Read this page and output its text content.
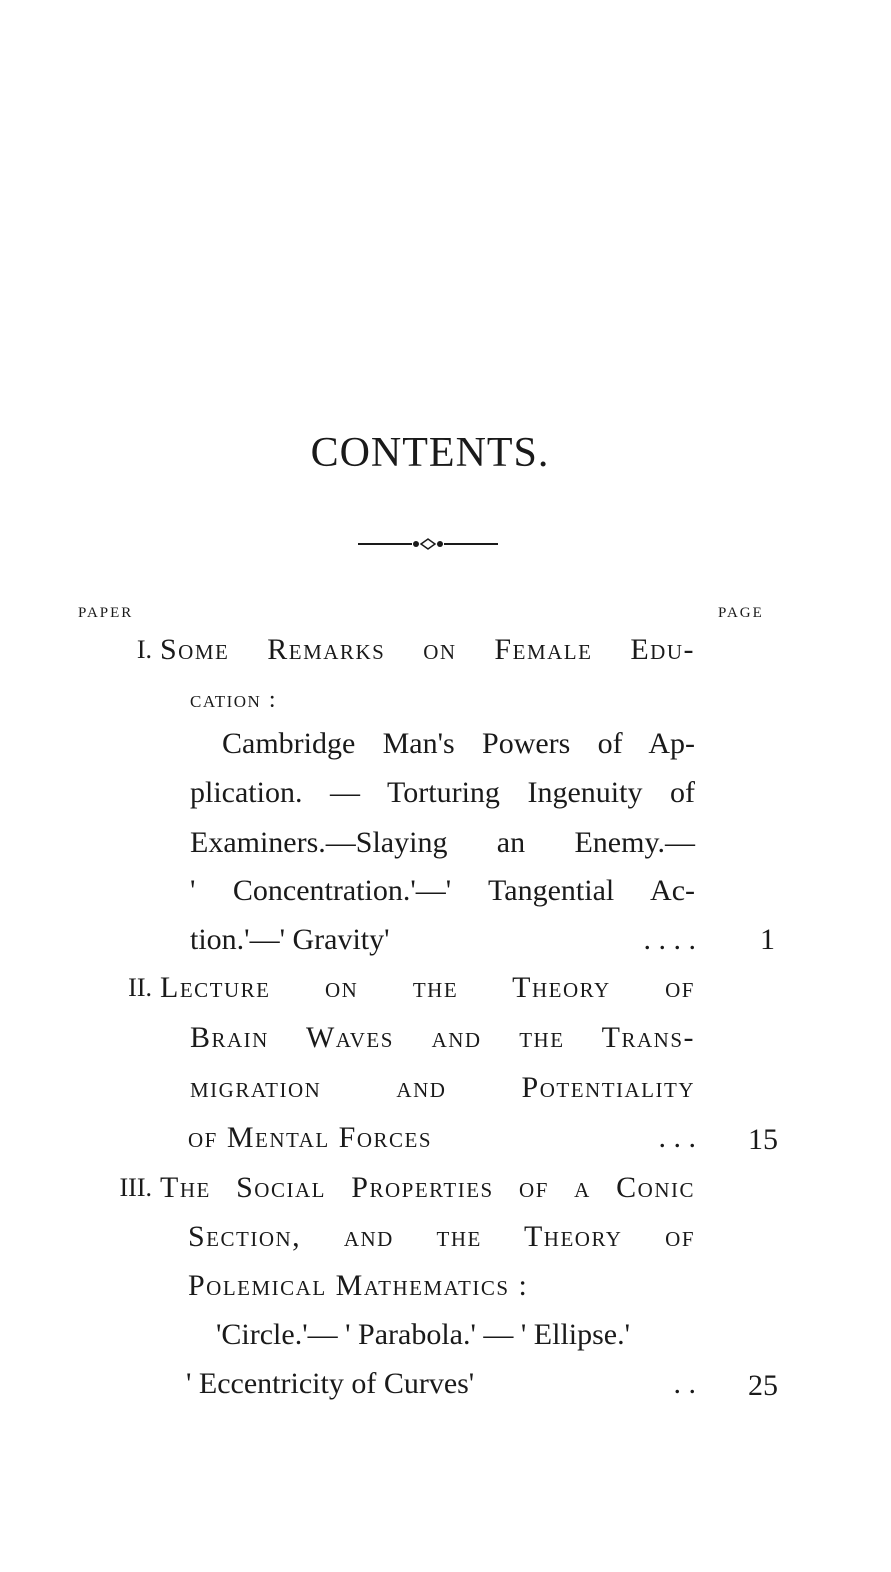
CONTENTS.
PAPER	PAGE
I. Some Remarks on Female Edu-
cation :
Cambridge Man's Powers of Ap-
plication. — Torturing Ingenuity of
Examiners.—Slaying an Enemy.—
' Concentration.'—' Tangential Ac-
tion.'—' Gravity'	. . . .	1
II. Lecture on the Theory of
Brain Waves and the Trans-
migration and Potentiality
of Mental Forces	. . .	15
III. The Social Properties of a Conic
Section, and the Theory of
Polemical Mathematics :
'Circle.'— ' Parabola.' — ' Ellipse.'
' Eccentricity of Curves'	. .	25
